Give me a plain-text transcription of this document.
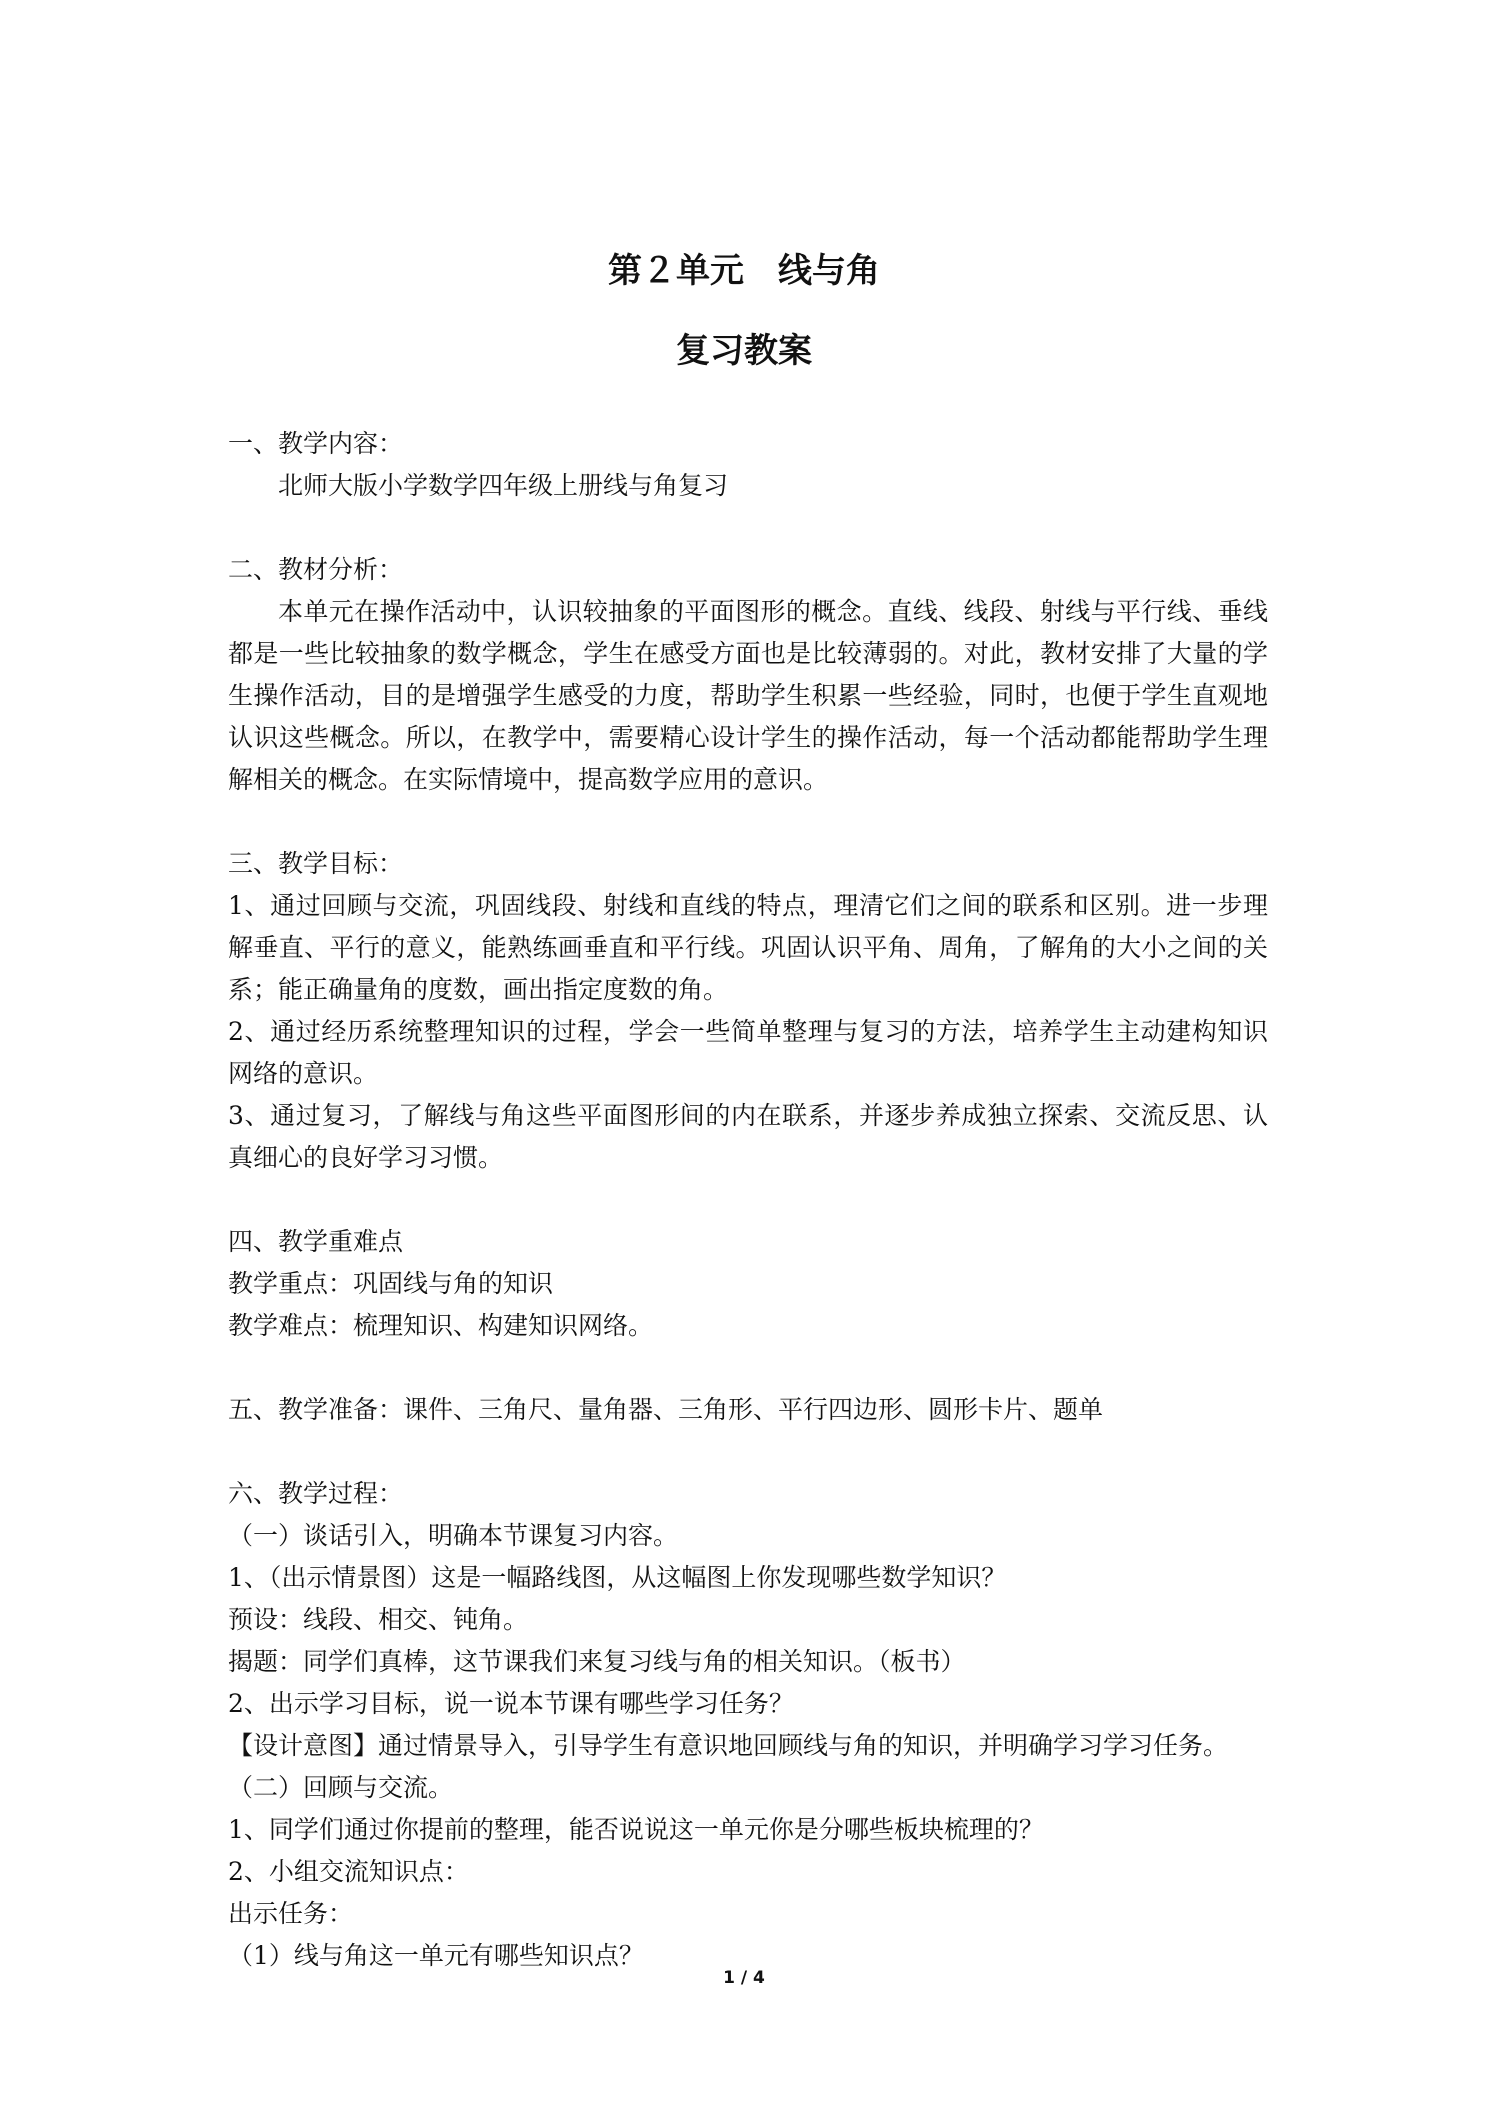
第２单元　线与角
复习教案

一、教学内容：

北师大版小学数学四年级上册线与角复习

二、教材分析：

本单元在操作活动中，认识较抽象的平面图形的概念。直线、线段、射线与平行线、垂线都是一些比较抽象的数学概念，学生在感受方面也是比较薄弱的。对此，教材安排了大量的学生操作活动，目的是增强学生感受的力度，帮助学生积累一些经验，同时，也便于学生直观地认识这些概念。所以，在教学中，需要精心设计学生的操作活动，每一个活动都能帮助学生理解相关的概念。在实际情境中，提高数学应用的意识。

三、教学目标：

1、通过回顾与交流，巩固线段、射线和直线的特点，理清它们之间的联系和区别。进一步理解垂直、平行的意义，能熟练画垂直和平行线。巩固认识平角、周角，了解角的大小之间的关系；能正确量角的度数，画出指定度数的角。

2、通过经历系统整理知识的过程，学会一些简单整理与复习的方法，培养学生主动建构知识网络的意识。

3、通过复习，了解线与角这些平面图形间的内在联系，并逐步养成独立探索、交流反思、认真细心的良好学习习惯。

四、教学重难点

教学重点：巩固线与角的知识

教学难点：梳理知识、构建知识网络。

五、教学准备：课件、三角尺、量角器、三角形、平行四边形、圆形卡片、题单

六、教学过程：

（一）谈话引入，明确本节课复习内容。

1、（出示情景图）这是一幅路线图，从这幅图上你发现哪些数学知识？

预设：线段、相交、钝角。

揭题：同学们真棒，这节课我们来复习线与角的相关知识。（板书）

2、出示学习目标，说一说本节课有哪些学习任务？

【设计意图】通过情景导入，引导学生有意识地回顾线与角的知识，并明确学习学习任务。

（二）回顾与交流。

1、同学们通过你提前的整理，能否说说这一单元你是分哪些板块梳理的？

2、小组交流知识点：

出示任务：

（1）线与角这一单元有哪些知识点？

1 / 4
